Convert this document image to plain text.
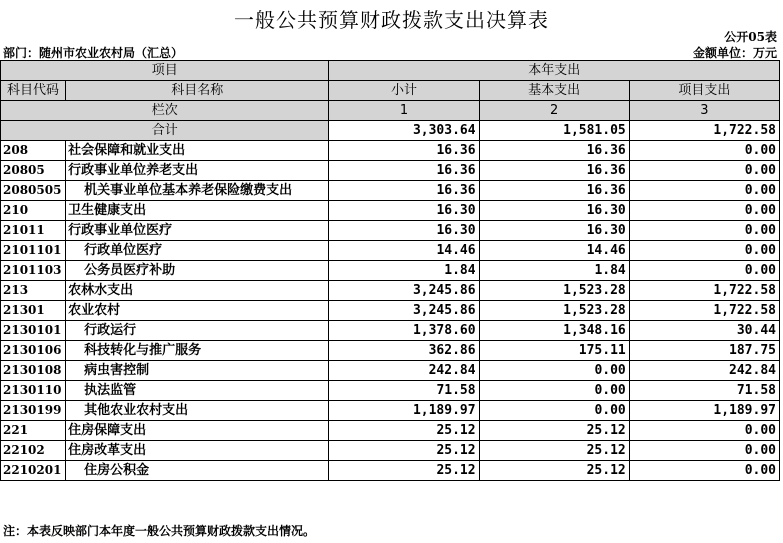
一般公共预算财政拨款支出决算表
公开05表
部门：随州市农业农村局（汇总）	金额单位：万元
项目		本年支出		
科目代码	科目名称	小计	基本支出	项目支出
栏次		1	2	3
合计		3,303.64	1,581.05	1,722.58
208	社会保障和就业支出	16.36	16.36	0.00
20805	行政事业单位养老支出	16.36	16.36	0.00
2080505	机关事业单位基本养老保险缴费支出	16.36	16.36	0.00
210	卫生健康支出	16.30	16.30	0.00
21011	行政事业单位医疗	16.30	16.30	0.00
2101101	行政单位医疗	14.46	14.46	0.00
2101103	公务员医疗补助	1.84	1.84	0.00
213	农林水支出	3,245.86	1,523.28	1,722.58
21301	农业农村	3,245.86	1,523.28	1,722.58
2130101	行政运行	1,378.60	1,348.16	30.44
2130106	科技转化与推广服务	362.86	175.11	187.75
2130108	病虫害控制	242.84	0.00	242.84
2130110	执法监管	71.58	0.00	71.58
2130199	其他农业农村支出	1,189.97	0.00	1,189.97
221	住房保障支出	25.12	25.12	0.00
22102	住房改革支出	25.12	25.12	0.00
2210201	住房公积金	25.12	25.12	0.00
注：本表反映部门本年度一般公共预算财政拨款支出情况。
